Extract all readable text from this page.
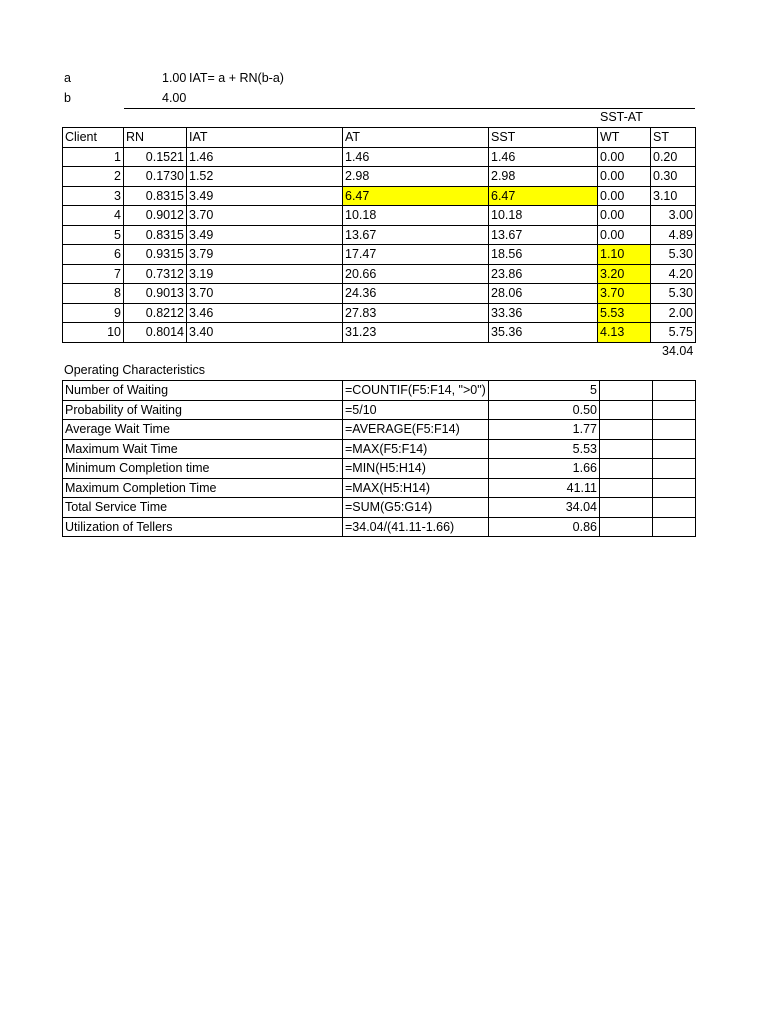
a	1.00 IAT= a + RN(b-a)
b	4.00
SST-AT
Client	RN	IAT	AT	SST	WT	ST
1	0.1521	1.46	1.46	1.46	0.00	0.20
2	0.1730	1.52	2.98	2.98	0.00	0.30
3	0.8315	3.49	6.47	6.47	0.00	3.10
4	0.9012	3.70	10.18	10.18	0.00	3.00
5	0.8315	3.49	13.67	13.67	0.00	4.89
6	0.9315	3.79	17.47	18.56	1.10	5.30
7	0.7312	3.19	20.66	23.86	3.20	4.20
8	0.9013	3.70	24.36	28.06	3.70	5.30
9	0.8212	3.46	27.83	33.36	5.53	2.00
10	0.8014	3.40	31.23	35.36	4.13	5.75
34.04
Operating Characteristics
Number of Waiting	=COUNTIF(F5:F14, ">0")	5		
Probability of Waiting	=5/10	0.50		
Average Wait Time	=AVERAGE(F5:F14)	1.77		
Maximum Wait Time	=MAX(F5:F14)	5.53		
Minimum Completion time	=MIN(H5:H14)	1.66		
Maximum Completion Time	=MAX(H5:H14)	41.11		
Total Service Time	=SUM(G5:G14)	34.04		
Utilization of Tellers	=34.04/(41.11-1.66)	0.86		
